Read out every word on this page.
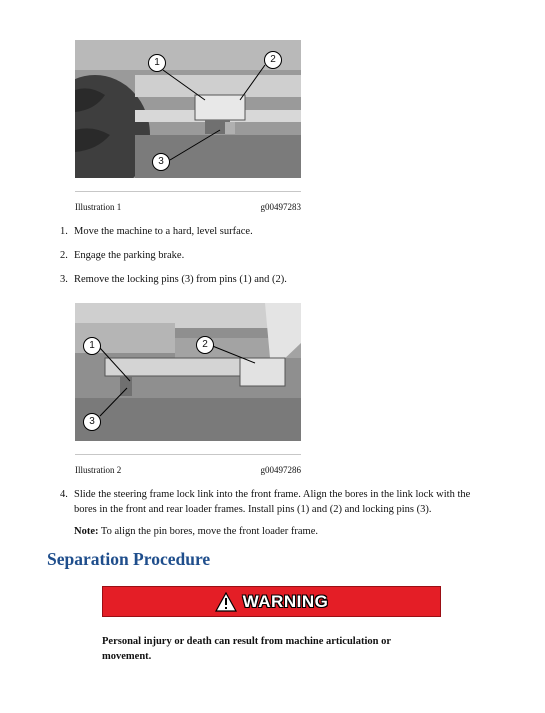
1	2
3
Illustration 1	g00497283
1. Move the machine to a hard, level surface.
2. Engage the parking brake.
3. Remove the locking pins (3) from pins (1) and (2).
1	2
3
Illustration 2	g00497286
4. Slide the steering frame lock link into the front frame. Align the bores in the link lock with the bores in the front and rear loader frames. Install pins (1) and (2) and locking pins (3).
Note: To align the pin bores, move the front loader frame.
Separation Procedure
WARNING
Personal injury or death can result from machine articulation or movement.
